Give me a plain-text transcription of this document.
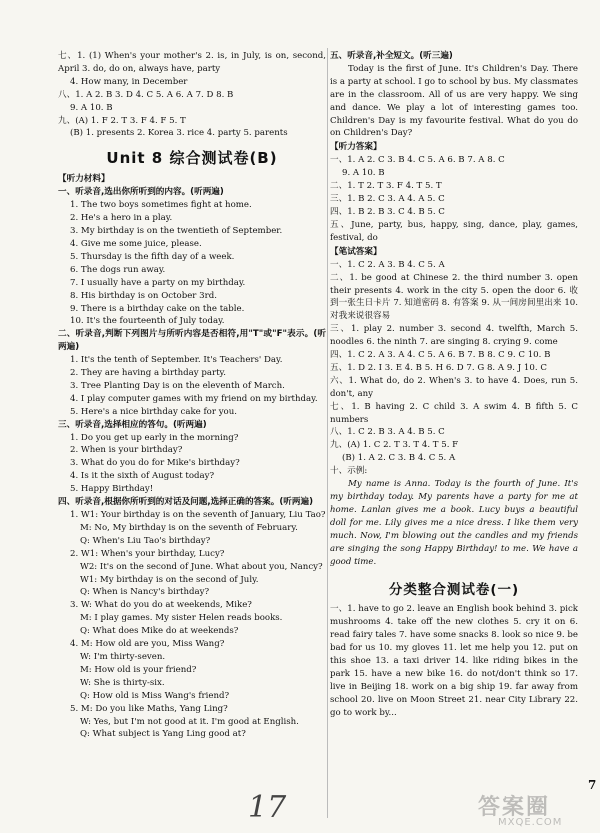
七、1. (1) When's your mother's 2. is, in July, is on, second, April 3. do, do on, always have, party

4. How many, in December

八、1. A 2. B 3. D 4. C 5. A 6. A 7. D 8. B

9. A 10. B

九、(A) 1. F 2. T 3. F 4. F 5. T

(B) 1. presents 2. Korea 3. rice 4. party 5. parents

Unit 8 综合测试卷(B)

【听力材料】

一、听录音,选出你所听到的内容。(听两遍)

1. The two boys sometimes fight at home.

2. He's a hero in a play.

3. My birthday is on the twentieth of September.

4. Give me some juice, please.

5. Thursday is the fifth day of a week.

6. The dogs run away.

7. I usually have a party on my birthday.

8. His birthday is on October 3rd.

9. There is a birthday cake on the table.

10. It's the fourteenth of July today.

二、听录音,判断下列图片与所听内容是否相符,用"T"或"F"表示。(听两遍)

1. It's the tenth of September. It's Teachers' Day.

2. They are having a birthday party.

3. Tree Planting Day is on the eleventh of March.

4. I play computer games with my friend on my birthday.

5. Here's a nice birthday cake for you.

三、听录音,选择相应的答句。(听两遍)

1. Do you get up early in the morning?

2. When is your birthday?

3. What do you do for Mike's birthday?

4. Is it the sixth of August today?

5. Happy Birthday!

四、听录音,根据你所听到的对话及问题,选择正确的答案。(听两遍)

1. W1: Your birthday is on the seventh of January, Liu Tao?

M: No, My birthday is on the seventh of February.

Q: When's Liu Tao's birthday?

2. W1: When's your birthday, Lucy?

W2: It's on the second of June. What about you, Nancy?

W1: My birthday is on the second of July.

Q: When is Nancy's birthday?

3. W: What do you do at weekends, Mike?

M: I play games. My sister Helen reads books.

Q: What does Mike do at weekends?

4. M: How old are you, Miss Wang?

W: I'm thirty-seven.

M: How old is your friend?

W: She is thirty-six.

Q: How old is Miss Wang's friend?

5. M: Do you like Maths, Yang Ling?

W: Yes, but I'm not good at it. I'm good at English.

Q: What subject is Yang Ling good at?

五、听录音,补全短文。(听三遍)

Today is the first of June. It's Children's Day. There is a party at school. I go to school by bus. My classmates are in the classroom. All of us are very happy. We sing and dance. We play a lot of interesting games too. Children's Day is my favourite festival. What do you do on Children's Day?

【听力答案】

一、1. A 2. C 3. B 4. C 5. A 6. B 7. A 8. C

9. A 10. B

二、1. T 2. T 3. F 4. T 5. T

三、1. B 2. C 3. A 4. A 5. C

四、1. B 2. B 3. C 4. B 5. C

五、June, party, bus, happy, sing, dance, play, games, festival, do

【笔试答案】

一、1. C 2. A 3. B 4. C 5. A

二、1. be good at Chinese 2. the third number 3. open their presents 4. work in the city 5. open the door 6. 收到一张生日卡片 7. 知道密码 8. 有答案 9. 从一间房间里出来 10. 对我来说很容易

三、1. play 2. number 3. second 4. twelfth, March 5. noodles 6. the ninth 7. are singing 8. crying 9. come

四、1. C 2. A 3. A 4. C 5. A 6. B 7. B 8. C 9. C 10. B

五、1. D 2. I 3. E 4. B 5. H 6. D 7. G 8. A 9. J 10. C

六、1. What do, do 2. When's 3. to have 4. Does, run 5. don't, any

七、1. B having 2. C child 3. A swim 4. B fifth 5. C numbers

八、1. C 2. B 3. A 4. B 5. C

九、(A) 1. C 2. T 3. T 4. T 5. F

(B) 1. A 2. C 3. B 4. C 5. A

十、示例:

My name is Anna. Today is the fourth of June. It's my birthday today. My parents have a party for me at home. Lanlan gives me a book. Lucy buys a beautiful doll for me. Lily gives me a nice dress. I like them very much. Now, I'm blowing out the candles and my friends are singing the song Happy Birthday! to me. We have a good time.

分类整合测试卷(一)

一、1. have to go 2. leave an English book behind 3. pick mushrooms 4. take off the new clothes 5. cry it on 6. read fairy tales 7. have some snacks 8. look so nice 9. be bad for us 10. my gloves 11. let me help you 12. put on this shoe 13. a taxi driver 14. like riding bikes in the park 15. have a new bike 16. do not/don't think so 17. live in Beijing 18. work on a big ship 19. far away from school 20. live on Moon Street 21. near City Library 22. go to work by...

17
7
答案圈
MXQE.COM
